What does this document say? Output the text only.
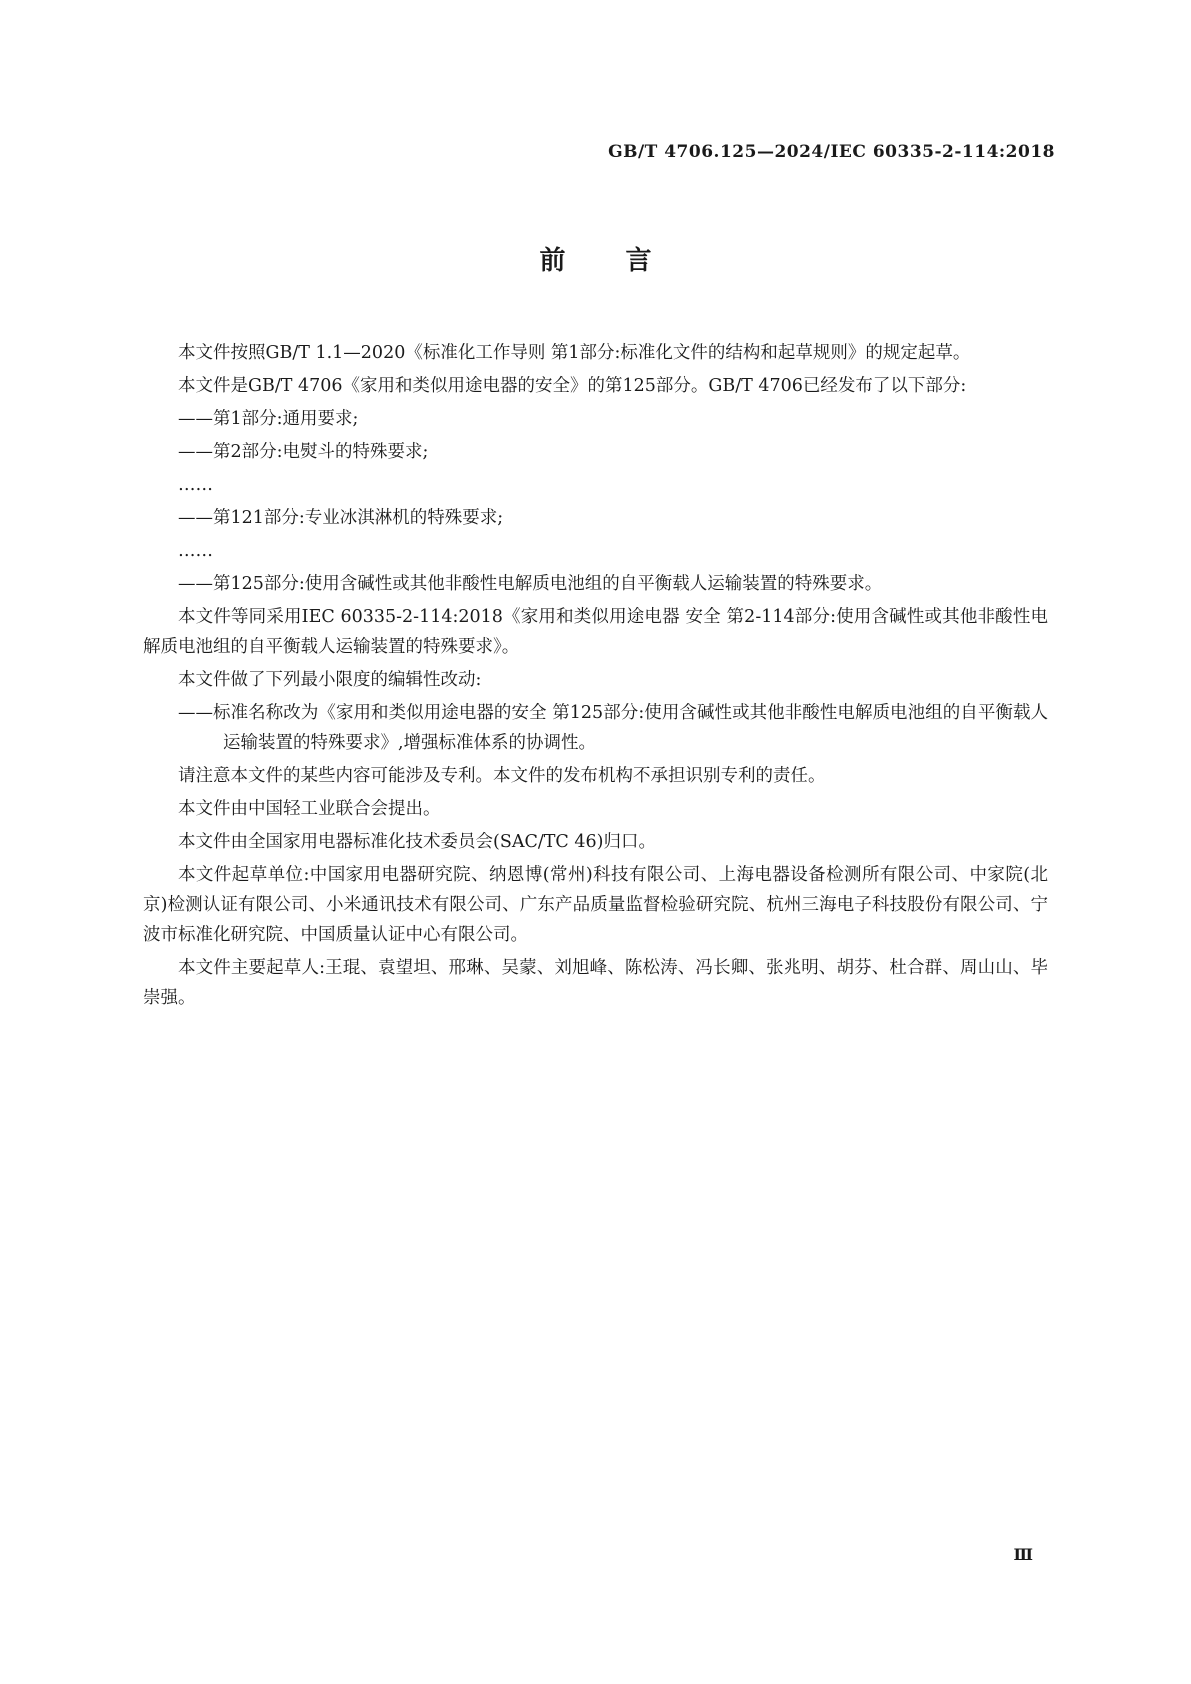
GB/T 4706.125—2024/IEC 60335-2-114:2018
前言

本文件按照GB/T 1.1—2020《标准化工作导则 第1部分:标准化文件的结构和起草规则》的规定起草。

本文件是GB/T 4706《家用和类似用途电器的安全》的第125部分。GB/T 4706已经发布了以下部分:

——第1部分:通用要求;

——第2部分:电熨斗的特殊要求;

……

——第121部分:专业冰淇淋机的特殊要求;

……

——第125部分:使用含碱性或其他非酸性电解质电池组的自平衡载人运输装置的特殊要求。

本文件等同采用IEC 60335-2-114:2018《家用和类似用途电器 安全 第2-114部分:使用含碱性或其他非酸性电解质电池组的自平衡载人运输装置的特殊要求》。

本文件做了下列最小限度的编辑性改动:

——标准名称改为《家用和类似用途电器的安全 第125部分:使用含碱性或其他非酸性电解质电池组的自平衡载人运输装置的特殊要求》,增强标准体系的协调性。

请注意本文件的某些内容可能涉及专利。本文件的发布机构不承担识别专利的责任。

本文件由中国轻工业联合会提出。

本文件由全国家用电器标准化技术委员会(SAC/TC 46)归口。

本文件起草单位:中国家用电器研究院、纳恩博(常州)科技有限公司、上海电器设备检测所有限公司、中家院(北京)检测认证有限公司、小米通讯技术有限公司、广东产品质量监督检验研究院、杭州三海电子科技股份有限公司、宁波市标准化研究院、中国质量认证中心有限公司。

本文件主要起草人:王琨、袁望坦、邢琳、吴蒙、刘旭峰、陈松涛、冯长卿、张兆明、胡芬、杜合群、周山山、毕崇强。

Ⅲ
